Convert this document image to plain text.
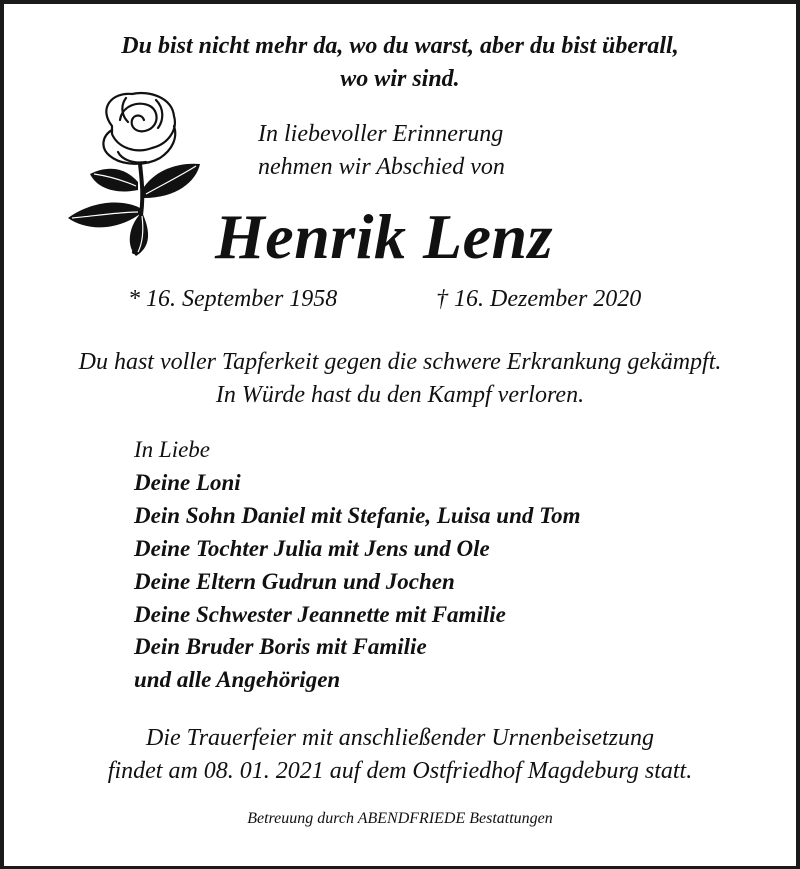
Du bist nicht mehr da, wo du warst, aber du bist überall,
wo wir sind.
In liebevoller Erinnerung
nehmen wir Abschied von
Henrik Lenz
* 16. September 1958	† 16. Dezember 2020
Du hast voller Tapferkeit gegen die schwere Erkrankung gekämpft.
In Würde hast du den Kampf verloren.
In Liebe
Deine Loni
Dein Sohn Daniel mit Stefanie, Luisa und Tom
Deine Tochter Julia mit Jens und Ole
Deine Eltern Gudrun und Jochen
Deine Schwester Jeannette mit Familie
Dein Bruder Boris mit Familie
und alle Angehörigen
Die Trauerfeier mit anschließender Urnenbeisetzung
findet am 08. 01. 2021 auf dem Ostfriedhof Magdeburg statt.
Betreuung durch ABENDFRIEDE Bestattungen
